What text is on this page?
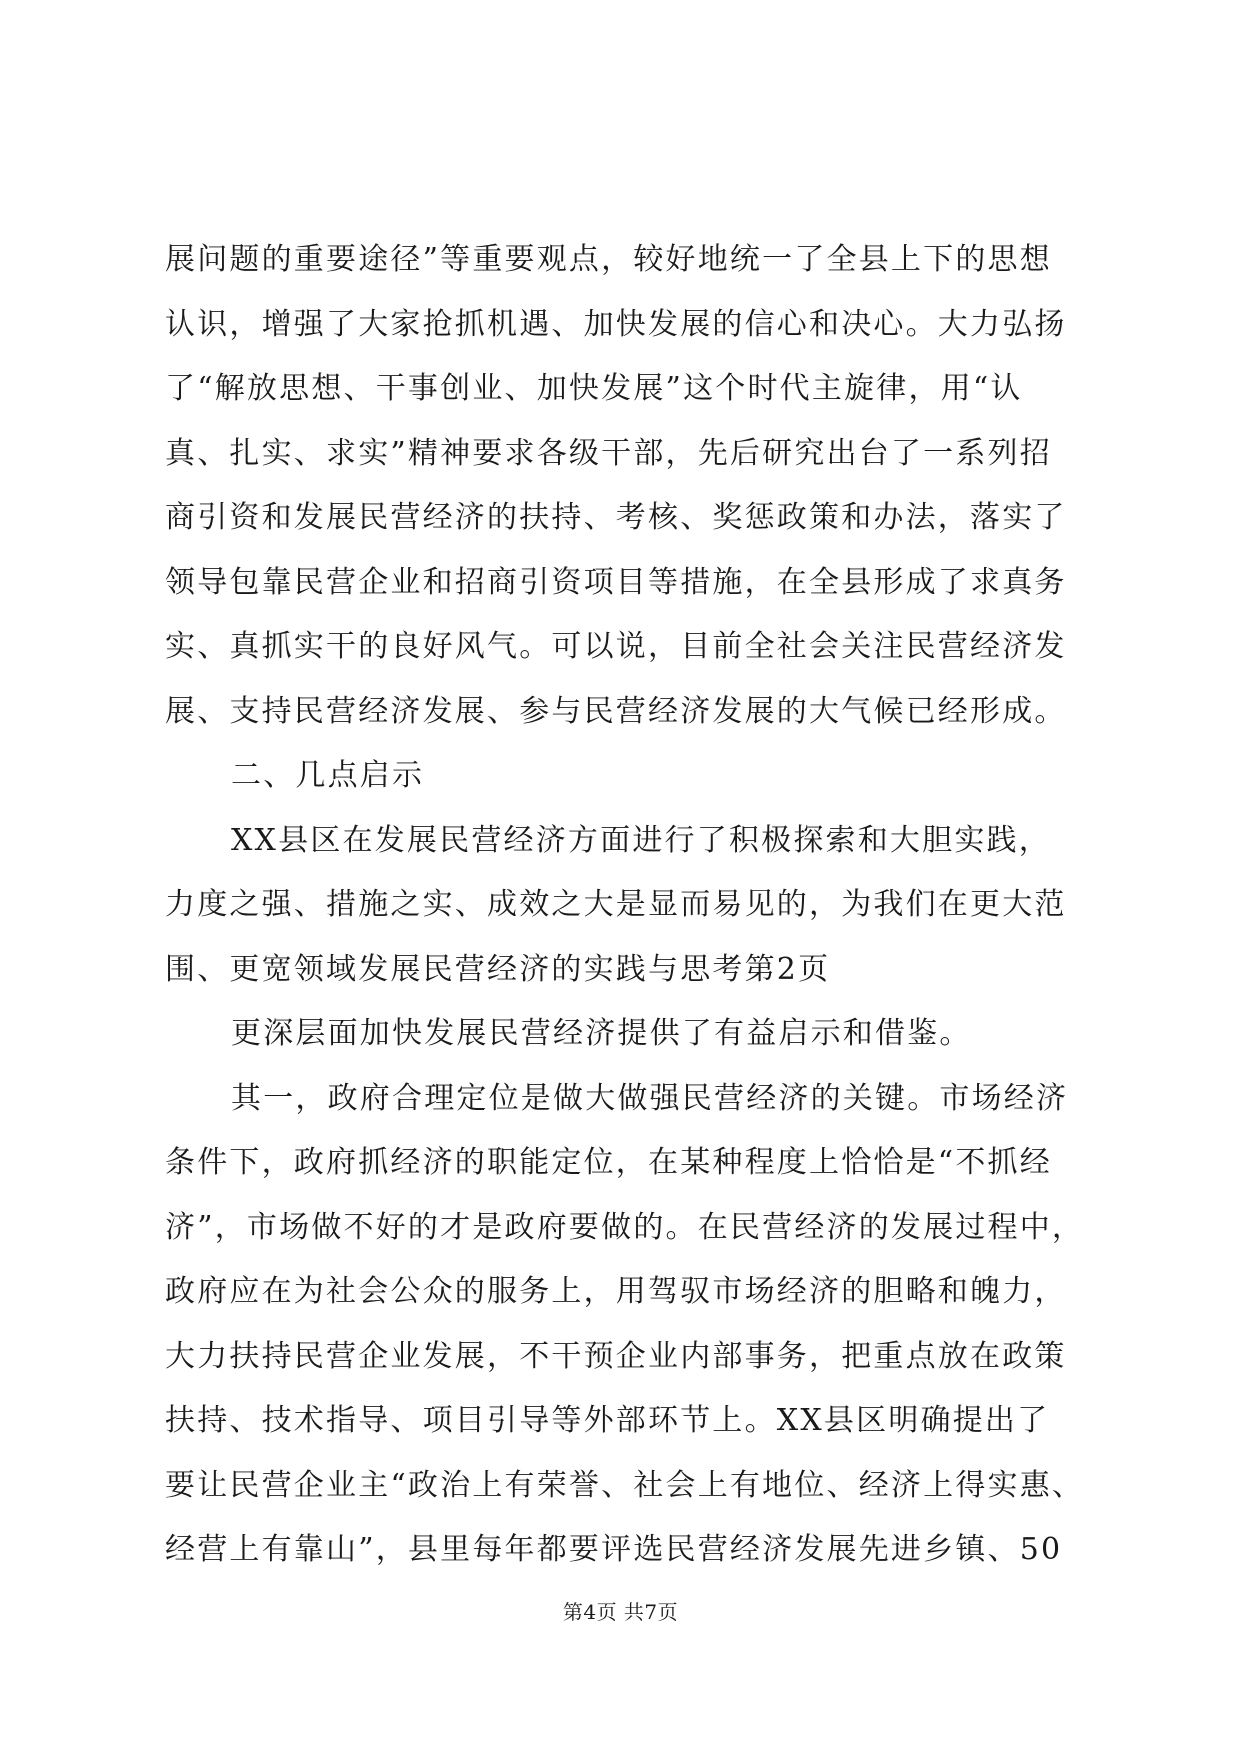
展问题的重要途径”等重要观点，较好地统一了全县上下的思想
认识，增强了大家抢抓机遇、加快发展的信心和决心。大力弘扬
了“解放思想、干事创业、加快发展”这个时代主旋律，用“认
真、扎实、求实”精神要求各级干部，先后研究出台了一系列招
商引资和发展民营经济的扶持、考核、奖惩政策和办法，落实了
领导包靠民营企业和招商引资项目等措施，在全县形成了求真务
实、真抓实干的良好风气。可以说，目前全社会关注民营经济发
展、支持民营经济发展、参与民营经济发展的大气候已经形成。
二、几点启示
XX县区在发展民营经济方面进行了积极探索和大胆实践，
力度之强、措施之实、成效之大是显而易见的，为我们在更大范
围、更宽领域发展民营经济的实践与思考第2页
更深层面加快发展民营经济提供了有益启示和借鉴。
其一，政府合理定位是做大做强民营经济的关键。市场经济
条件下，政府抓经济的职能定位，在某种程度上恰恰是“不抓经
济”，市场做不好的才是政府要做的。在民营经济的发展过程中，
政府应在为社会公众的服务上，用驾驭市场经济的胆略和魄力，
大力扶持民营企业发展，不干预企业内部事务，把重点放在政策
扶持、技术指导、项目引导等外部环节上。XX县区明确提出了
要让民营企业主“政治上有荣誉、社会上有地位、经济上得实惠、
经营上有靠山”，县里每年都要评选民营经济发展先进乡镇、50
第4页 共7页
